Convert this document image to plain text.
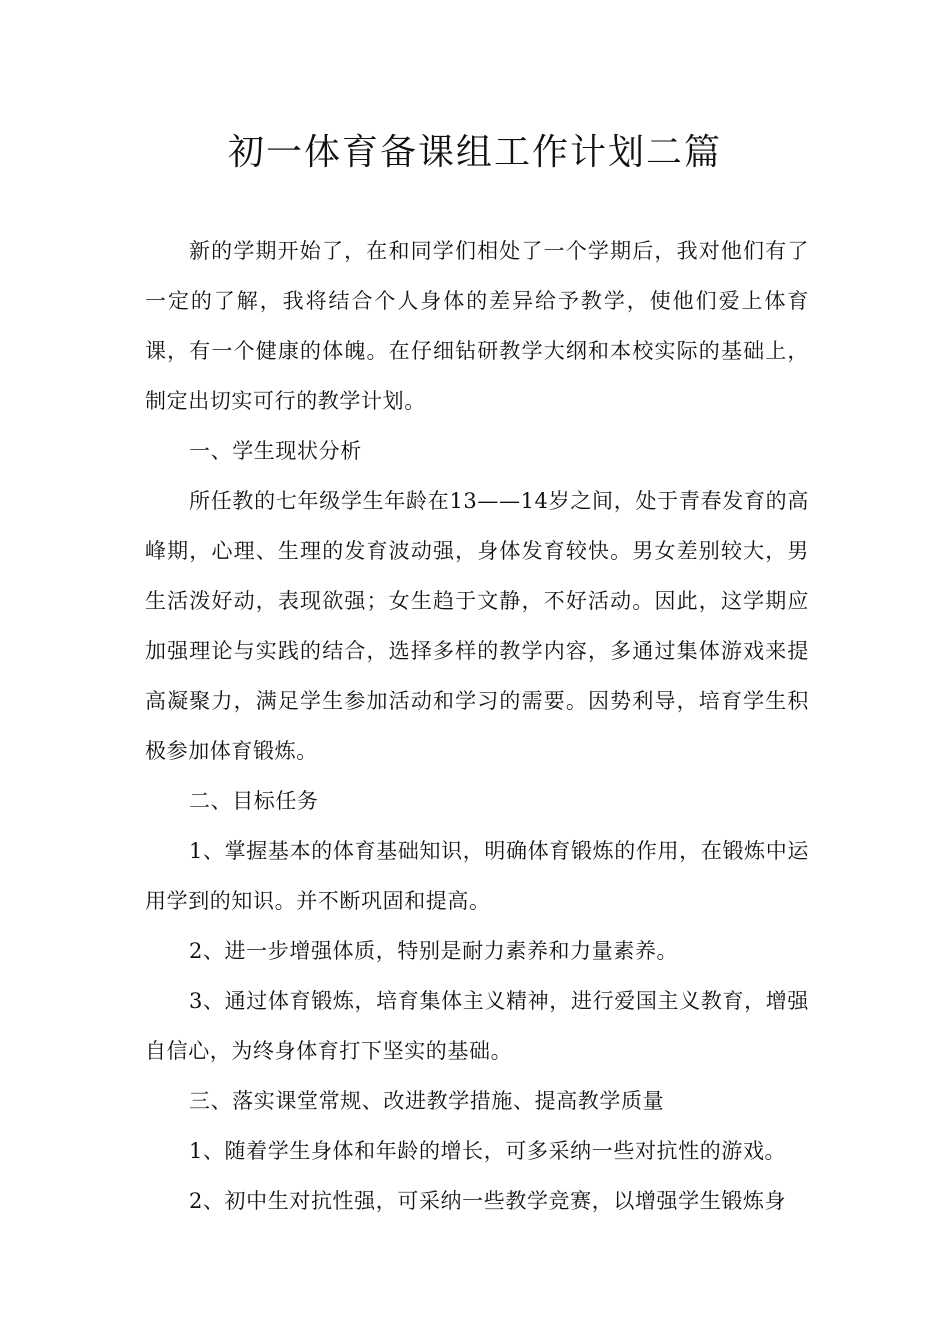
初一体育备课组工作计划二篇

新的学期开始了，在和同学们相处了一个学期后，我对他们有了一定的了解，我将结合个人身体的差异给予教学，使他们爱上体育课，有一个健康的体魄。在仔细钻研教学大纲和本校实际的基础上，制定出切实可行的教学计划。

一、学生现状分析

所任教的七年级学生年龄在13——14岁之间，处于青春发育的高峰期，心理、生理的发育波动强，身体发育较快。男女差别较大，男生活泼好动，表现欲强；女生趋于文静，不好活动。因此，这学期应加强理论与实践的结合，选择多样的教学内容，多通过集体游戏来提高凝聚力，满足学生参加活动和学习的需要。因势利导，培育学生积极参加体育锻炼。

二、目标任务

1、掌握基本的体育基础知识，明确体育锻炼的作用，在锻炼中运用学到的知识。并不断巩固和提高。

2、进一步增强体质，特别是耐力素养和力量素养。

3、通过体育锻炼，培育集体主义精神，进行爱国主义教育，增强自信心，为终身体育打下坚实的基础。

三、落实课堂常规、改进教学措施、提高教学质量

1、随着学生身体和年龄的增长，可多采纳一些对抗性的游戏。

2、初中生对抗性强，可采纳一些教学竞赛，以增强学生锻炼身
